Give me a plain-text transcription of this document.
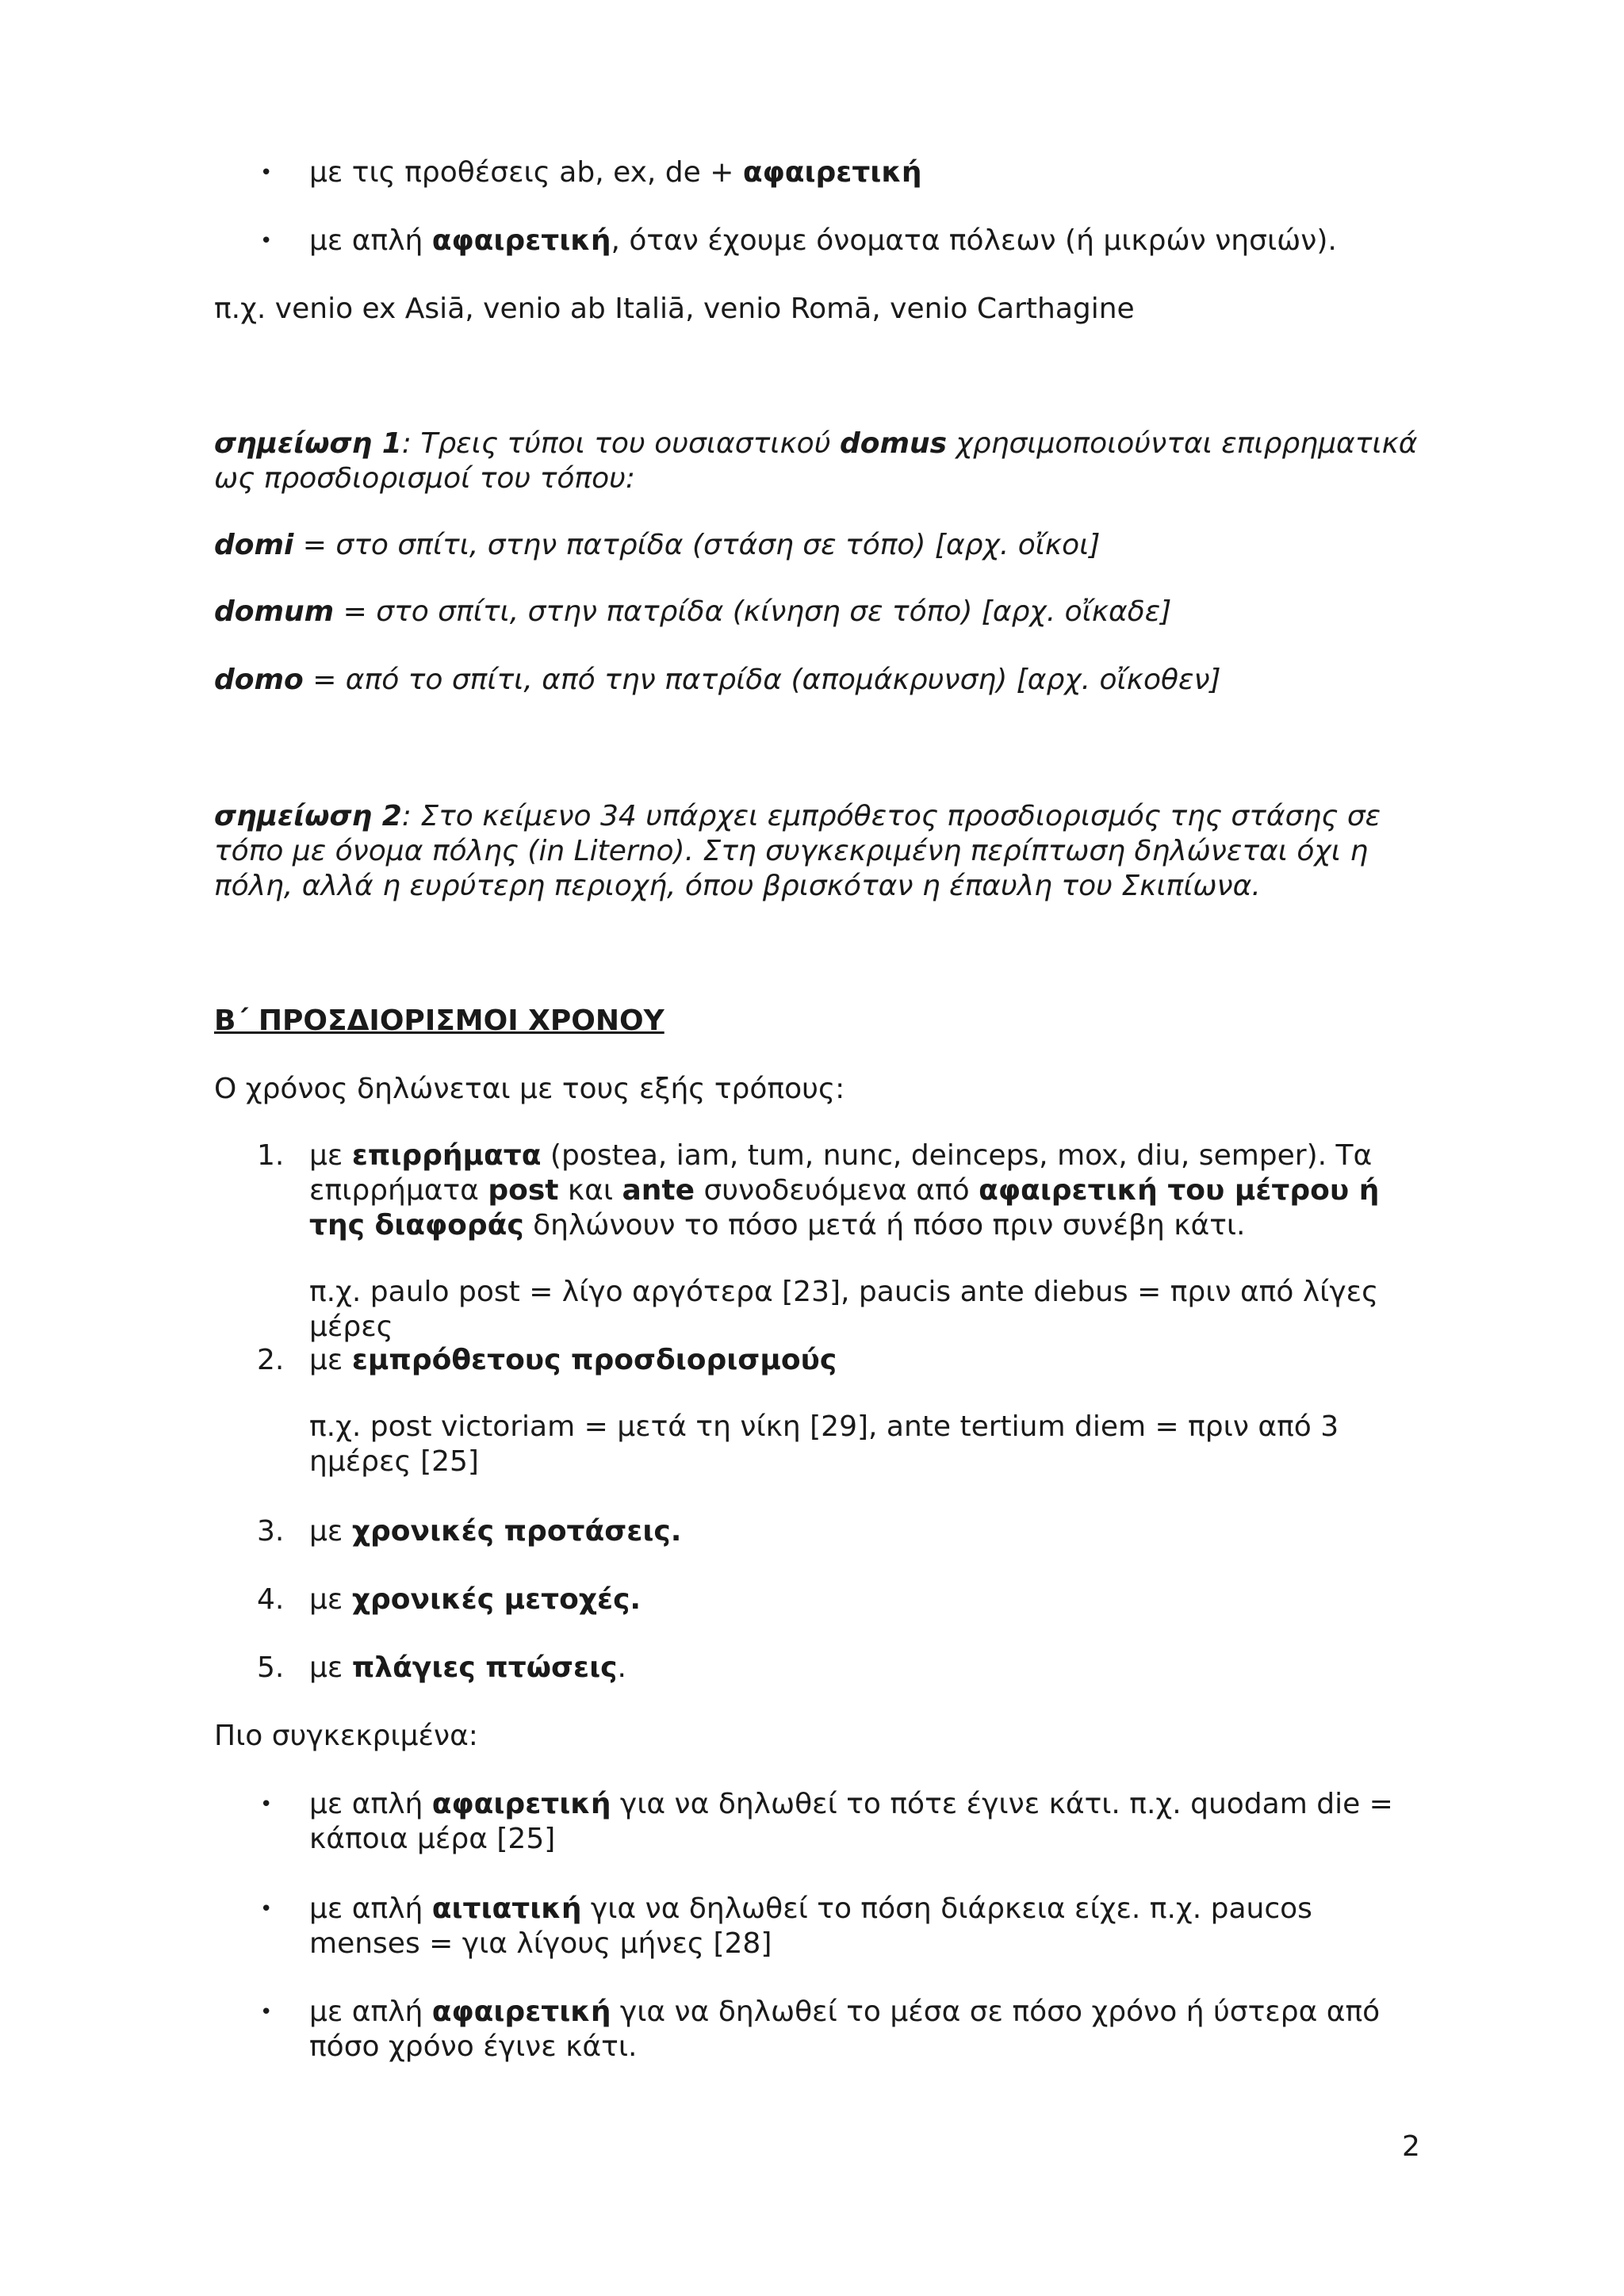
• με τις προθέσεις ab, ex, de + αφαιρετική

• με απλή αφαιρετική, όταν έχουμε όνοματα πόλεων (ή μικρών νησιών).

π.χ. venio ex Asiā, venio ab Italiā, venio Romā, venio Carthagine

σημείωση 1: Τρεις τύποι του ουσιαστικού domus χρησιμοποιούνται επιρρηματικά ως προσδιορισμοί του τόπου:

domi = στο σπίτι, στην πατρίδα (στάση σε τόπο) [αρχ. οἴκοι]

domum = στο σπίτι, στην πατρίδα (κίνηση σε τόπο) [αρχ. οἴκαδε]

domo = από το σπίτι, από την πατρίδα (απομάκρυνση) [αρχ. οἴκοθεν]

σημείωση 2: Στο κείμενο 34 υπάρχει εμπρόθετος προσδιορισμός της στάσης σε τόπο με όνομα πόλης (in Literno). Στη συγκεκριμένη περίπτωση δηλώνεται όχι η πόλη, αλλά η ευρύτερη περιοχή, όπου βρισκόταν η έπαυλη του Σκιπίωνα.

Β΄ ΠΡΟΣΔΙΟΡΙΣΜΟΙ ΧΡΟΝΟΥ

Ο χρόνος δηλώνεται με τους εξής τρόπους:

1. με επιρρήματα (postea, iam, tum, nunc, deinceps, mox, diu, semper). Τα επιρρήματα post και ante συνοδευόμενα από αφαιρετική του μέτρου ή της διαφοράς δηλώνουν το πόσο μετά ή πόσο πριν συνέβη κάτι.

π.χ. paulo post = λίγο αργότερα [23], paucis ante diebus = πριν από λίγες μέρες

2. με εμπρόθετους προσδιορισμούς

π.χ. post victoriam = μετά τη νίκη [29], ante tertium diem = πριν από 3 ημέρες [25]

3. με χρονικές προτάσεις.

4. με χρονικές μετοχές.

5. με πλάγιες πτώσεις.

Πιο συγκεκριμένα:

• με απλή αφαιρετική για να δηλωθεί το πότε έγινε κάτι. π.χ. quodam die = κάποια μέρα [25]

• με απλή αιτιατική για να δηλωθεί το πόση διάρκεια είχε. π.χ. paucos menses = για λίγους μήνες [28]

• με απλή αφαιρετική για να δηλωθεί το μέσα σε πόσο χρόνο ή ύστερα από πόσο χρόνο έγινε κάτι.

2
